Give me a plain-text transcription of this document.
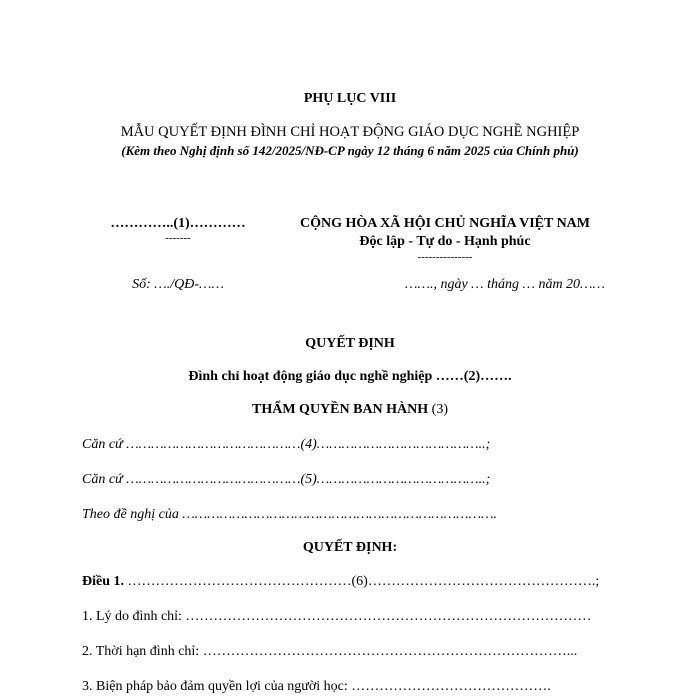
PHỤ LỤC VIII
MẪU QUYẾT ĐỊNH ĐÌNH CHỈ HOẠT ĐỘNG GIÁO DỤC NGHỀ NGHIỆP
(Kèm theo Nghị định số 142/2025/NĐ-CP ngày 12 tháng 6 năm 2025 của Chính phủ)
…………..(1)…………
-------
CỘNG HÒA XÃ HỘI CHỦ NGHĨA VIỆT NAM
Độc lập - Tự do - Hạnh phúc
---------------
Số: …./QĐ-……	……., ngày … tháng … năm 20……
QUYẾT ĐỊNH
Đình chỉ hoạt động giáo dục nghề nghiệp ……(2)…….
THẨM QUYỀN BAN HÀNH (3)
Căn cứ ……………………………………(4)…………………………………..;
Căn cứ ……………………………………(5)…………………………………..;
Theo đề nghị của ………………………………………………………………….
QUYẾT ĐỊNH:
Điều 1. …………………………………………(6)………………………………………….;
1. Lý do đình chỉ: ……………………………………………………………………………
2. Thời hạn đình chỉ: ……………………………………………………………………...
3. Biện pháp bảo đảm quyền lợi của người học: …………………………………….
